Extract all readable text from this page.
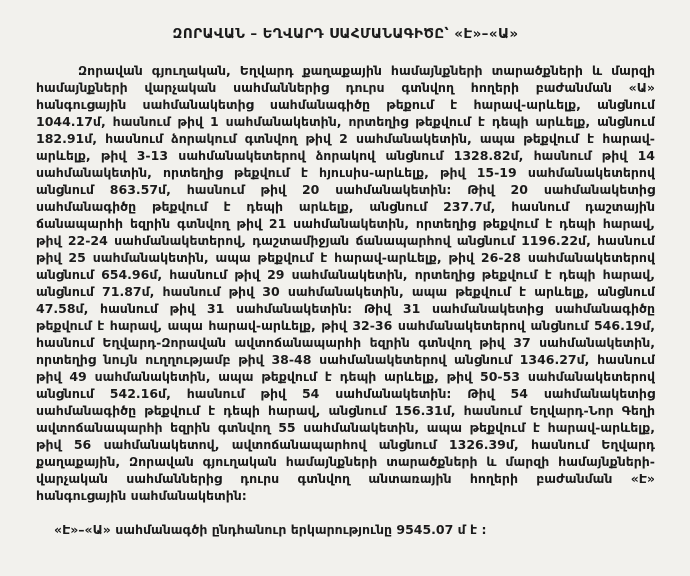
ԶՈՐԱՎԱՆ – ԵՂՎԱՐԴ ՍԱՀՄԱՆԱԳԻԾԸ՝ «Է»–«Ա»
Զորավան գյուղական, Եղվարդ քաղաքային համայնքների տարածքների և մարզի
համայնքների վարչական սահմաններից դուրս գտնվող հողերի բաժանման «Ա»
հանգուցային սահմանակետից սահմանագիծը թեքում է հարավ-արևելք, անցնում
1044.17մ, հասնում թիվ 1 սահմանակետին, որտեղից թեքվում է դեպի արևելք, անցնում
182.91մ, հասնում ձորակում գտնվող թիվ 2 սահմանակետին, ապա թեքվում է հարավ-
արևելք, թիվ 3-13 սահմանակետերով ձորակով անցնում 1328.82մ, հասնում թիվ 14
սահմանակետին, որտեղից թեքվում է հյուսիս-արևելք, թիվ 15-19 սահմանակետերով
անցնում 863.57մ, հասնում թիվ 20 սահմանակետին: Թիվ 20 սահմանակետից
սահմանագիծը թեքվում է դեպի արևելք, անցնում 237.7մ, հասնում դաշտային
ճանապարհի եզրին գտնվող թիվ 21 սահմանակետին, որտեղից թեքվում է դեպի հարավ,
թիվ 22-24 սահմանակետերով, դաշտամիջյան ճանապարհով անցնում 1196.22մ, հասնում
թիվ 25 սահմանակետին, ապա թեքվում է հարավ-արևելք, թիվ 26-28 սահմանակետերով
անցնում 654.96մ, հասնում թիվ 29 սահմանակետին, որտեղից թեքվում է դեպի հարավ,
անցնում 71.87մ, հասնում թիվ 30 սահմանակետին, ապա թեքվում է արևելք, անցնում
47.58մ, հասնում թիվ 31 սահմանակետին: Թիվ 31 սահմանակետից սահմանագիծը
թեքվում է հարավ, ապա հարավ-արևելք, թիվ 32-36 սահմանակետերով անցնում 546.19մ,
հասնում Եղվարդ-Զորավան ավտոճանապարհի եզրին գտնվող թիվ 37 սահմանակետին,
որտեղից նույն ուղղությամբ թիվ 38-48 սահմանակետերով անցնում 1346.27մ, հասնում
թիվ 49 սահմանակետին, ապա թեքվում է դեպի արևելք, թիվ 50-53 սահմանակետերով
անցնում 542.16մ, հասնում թիվ 54 սահմանակետին: Թիվ 54 սահմանակետից
սահմանագիծը թեքվում է դեպի հարավ, անցնում 156.31մ, հասնում Եղվարդ-Նոր Գեղի
ավտոճանապարհի եզրին գտնվող 55 սահմանակետին, ապա թեքվում է հարավ-արևելք,
թիվ 56 սահմանակետով, ավտոճանապարհով անցնում 1326.39մ, հասնում Եղվարդ
քաղաքային, Զորավան գյուղական համայնքների տարածքների և մարզի համայնքների-
վարչական սահմաններից դուրս գտնվող անտառային հողերի բաժանման «Է»
հանգուցային սահմանակետին:
«Է»–«Ա» սահմանագծի ընդհանուր երկարությունը 9545.07 մ է :
